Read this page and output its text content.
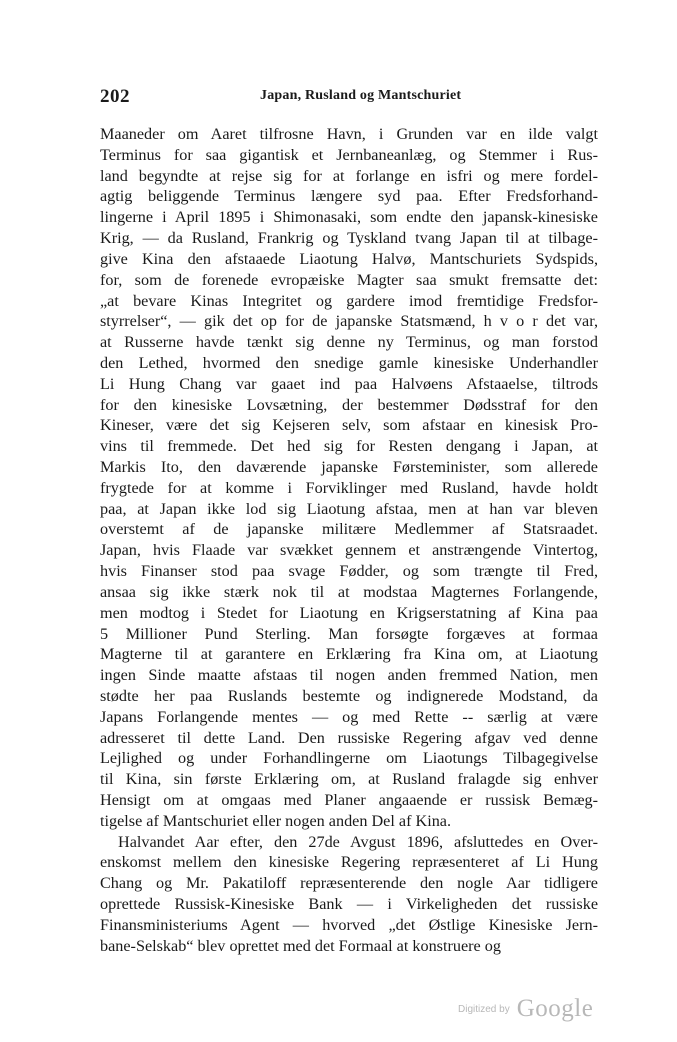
202	Japan, Rusland og Mantschuriet
Maaneder om Aaret tilfrosne Havn, i Grunden var en ilde valgt
Terminus for saa gigantisk et Jernbaneanlæg, og Stemmer i Rus-
land begyndte at rejse sig for at forlange en isfri og mere fordel-
agtig beliggende Terminus længere syd paa. Efter Fredsforhand-
lingerne i April 1895 i Shimonasaki, som endte den japansk-kinesiske
Krig, — da Rusland, Frankrig og Tyskland tvang Japan til at tilbage-
give Kina den afstaaede Liaotung Halvø, Mantschuriets Sydspids,
for, som de forenede evropæiske Magter saa smukt fremsatte det:
„at bevare Kinas Integritet og gardere imod fremtidige Fredsfor-
styrrelser“, — gik det op for de japanske Statsmænd, h v o r det var,
at Russerne havde tænkt sig denne ny Terminus, og man forstod
den Lethed, hvormed den snedige gamle kinesiske Underhandler
Li Hung Chang var gaaet ind paa Halvøens Afstaaelse, tiltrods
for den kinesiske Lovsætning, der bestemmer Dødsstraf for den
Kineser, være det sig Kejseren selv, som afstaar en kinesisk Pro-
vins til fremmede. Det hed sig for Resten dengang i Japan, at
Markis Ito, den daværende japanske Førsteminister, som allerede
frygtede for at komme i Forviklinger med Rusland, havde holdt
paa, at Japan ikke lod sig Liaotung afstaa, men at han var bleven
overstemt af de japanske militære Medlemmer af Statsraadet.
Japan, hvis Flaade var svækket gennem et anstrængende Vintertog,
hvis Finanser stod paa svage Fødder, og som trængte til Fred,
ansaa sig ikke stærk nok til at modstaa Magternes Forlangende,
men modtog i Stedet for Liaotung en Krigserstatning af Kina paa
5 Millioner Pund Sterling. Man forsøgte forgæves at formaa
Magterne til at garantere en Erklæring fra Kina om, at Liaotung
ingen Sinde maatte afstaas til nogen anden fremmed Nation, men
stødte her paa Ruslands bestemte og indignerede Modstand, da
Japans Forlangende mentes — og med Rette -- særlig at være
adresseret til dette Land. Den russiske Regering afgav ved denne
Lejlighed og under Forhandlingerne om Liaotungs Tilbagegivelse
til Kina, sin første Erklæring om, at Rusland fralagde sig enhver
Hensigt om at omgaas med Planer angaaende er russisk Bemæg-
tigelse af Mantschuriet eller nogen anden Del af Kina.
Halvandet Aar efter, den 27de Avgust 1896, afsluttedes en Over-
enskomst mellem den kinesiske Regering repræsenteret af Li Hung
Chang og Mr. Pakatiloff repræsenterende den nogle Aar tidligere
oprettede Russisk-Kinesiske Bank — i Virkeligheden det russiske
Finansministeriums Agent — hvorved „det Østlige Kinesiske Jern-
bane-Selskab“ blev oprettet med det Formaal at konstruere og
$^{Digitized by}$ Google
